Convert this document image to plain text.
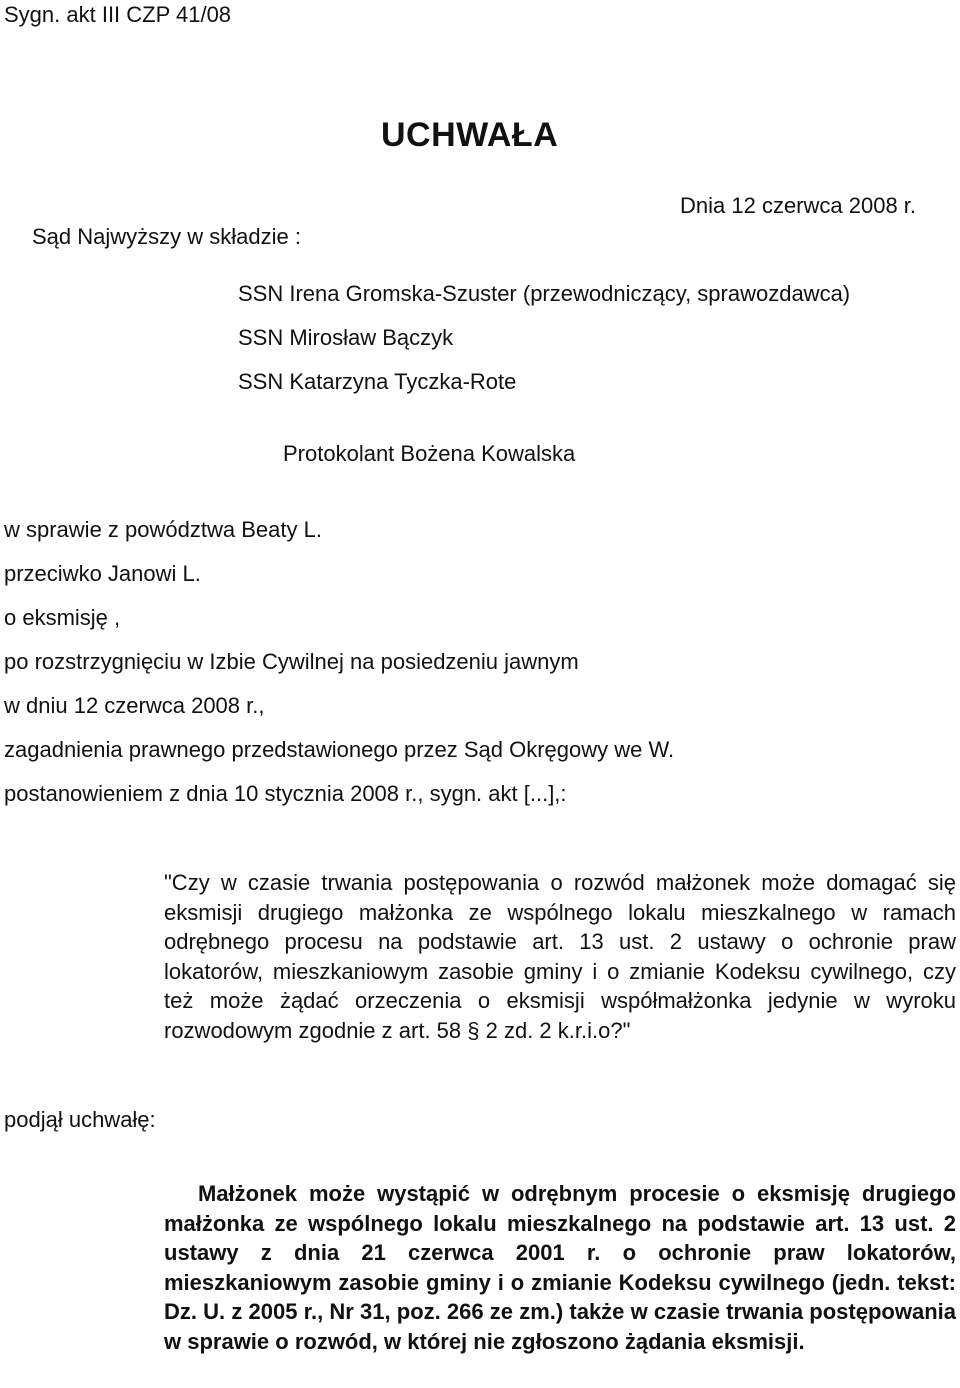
Sygn. akt III CZP 41/08
UCHWAŁA
Dnia 12 czerwca 2008 r.
Sąd Najwyższy w składzie :
SSN Irena Gromska-Szuster (przewodniczący, sprawozdawca)
SSN Mirosław Bączyk
SSN Katarzyna Tyczka-Rote
Protokolant Bożena Kowalska
w sprawie z powództwa Beaty L.
przeciwko Janowi L.
o eksmisję ,
po rozstrzygnięciu w Izbie Cywilnej na posiedzeniu jawnym
w dniu 12 czerwca 2008 r.,
zagadnienia prawnego przedstawionego przez Sąd Okręgowy we W.
postanowieniem z dnia 10 stycznia 2008 r., sygn. akt [...],:
"Czy w czasie trwania postępowania o rozwód małżonek może domagać się eksmisji drugiego małżonka ze wspólnego lokalu mieszkalnego w ramach odrębnego procesu na podstawie art. 13 ust. 2 ustawy o ochronie praw lokatorów, mieszkaniowym zasobie gminy i o zmianie Kodeksu cywilnego, czy też może żądać orzeczenia o eksmisji współmałżonka jedynie w wyroku rozwodowym zgodnie z art. 58 § 2 zd. 2 k.r.i.o?"
podjął uchwałę:
Małżonek może wystąpić w odrębnym procesie o eksmisję drugiego małżonka ze wspólnego lokalu mieszkalnego na podstawie art. 13 ust. 2 ustawy z dnia 21 czerwca 2001 r. o ochronie praw lokatorów, mieszkaniowym zasobie gminy i o zmianie Kodeksu cywilnego (jedn. tekst: Dz. U. z 2005 r., Nr 31, poz. 266 ze zm.) także w czasie trwania postępowania w sprawie o rozwód, w której nie zgłoszono żądania eksmisji.
